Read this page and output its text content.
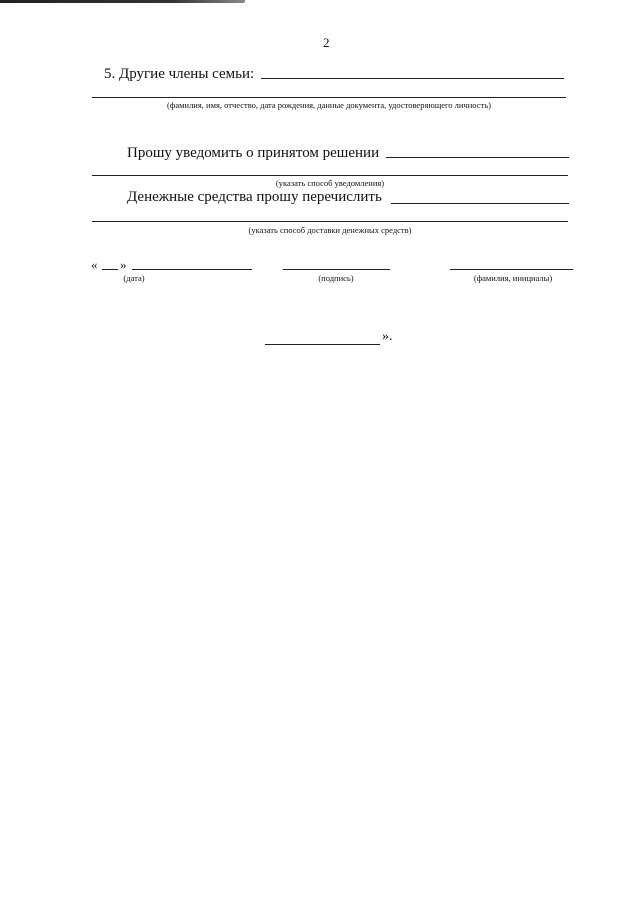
2
5. Другие члены семьи:
(фамилия, имя, отчество, дата рождения, данные документа, удостоверяющего личность)
Прошу уведомить о принятом решении
(указать способ уведомления)
Денежные средства прошу перечислить
(указать способ доставки денежных средств)
« »
(дата)	(подпись)	(фамилия, инициалы)
».
